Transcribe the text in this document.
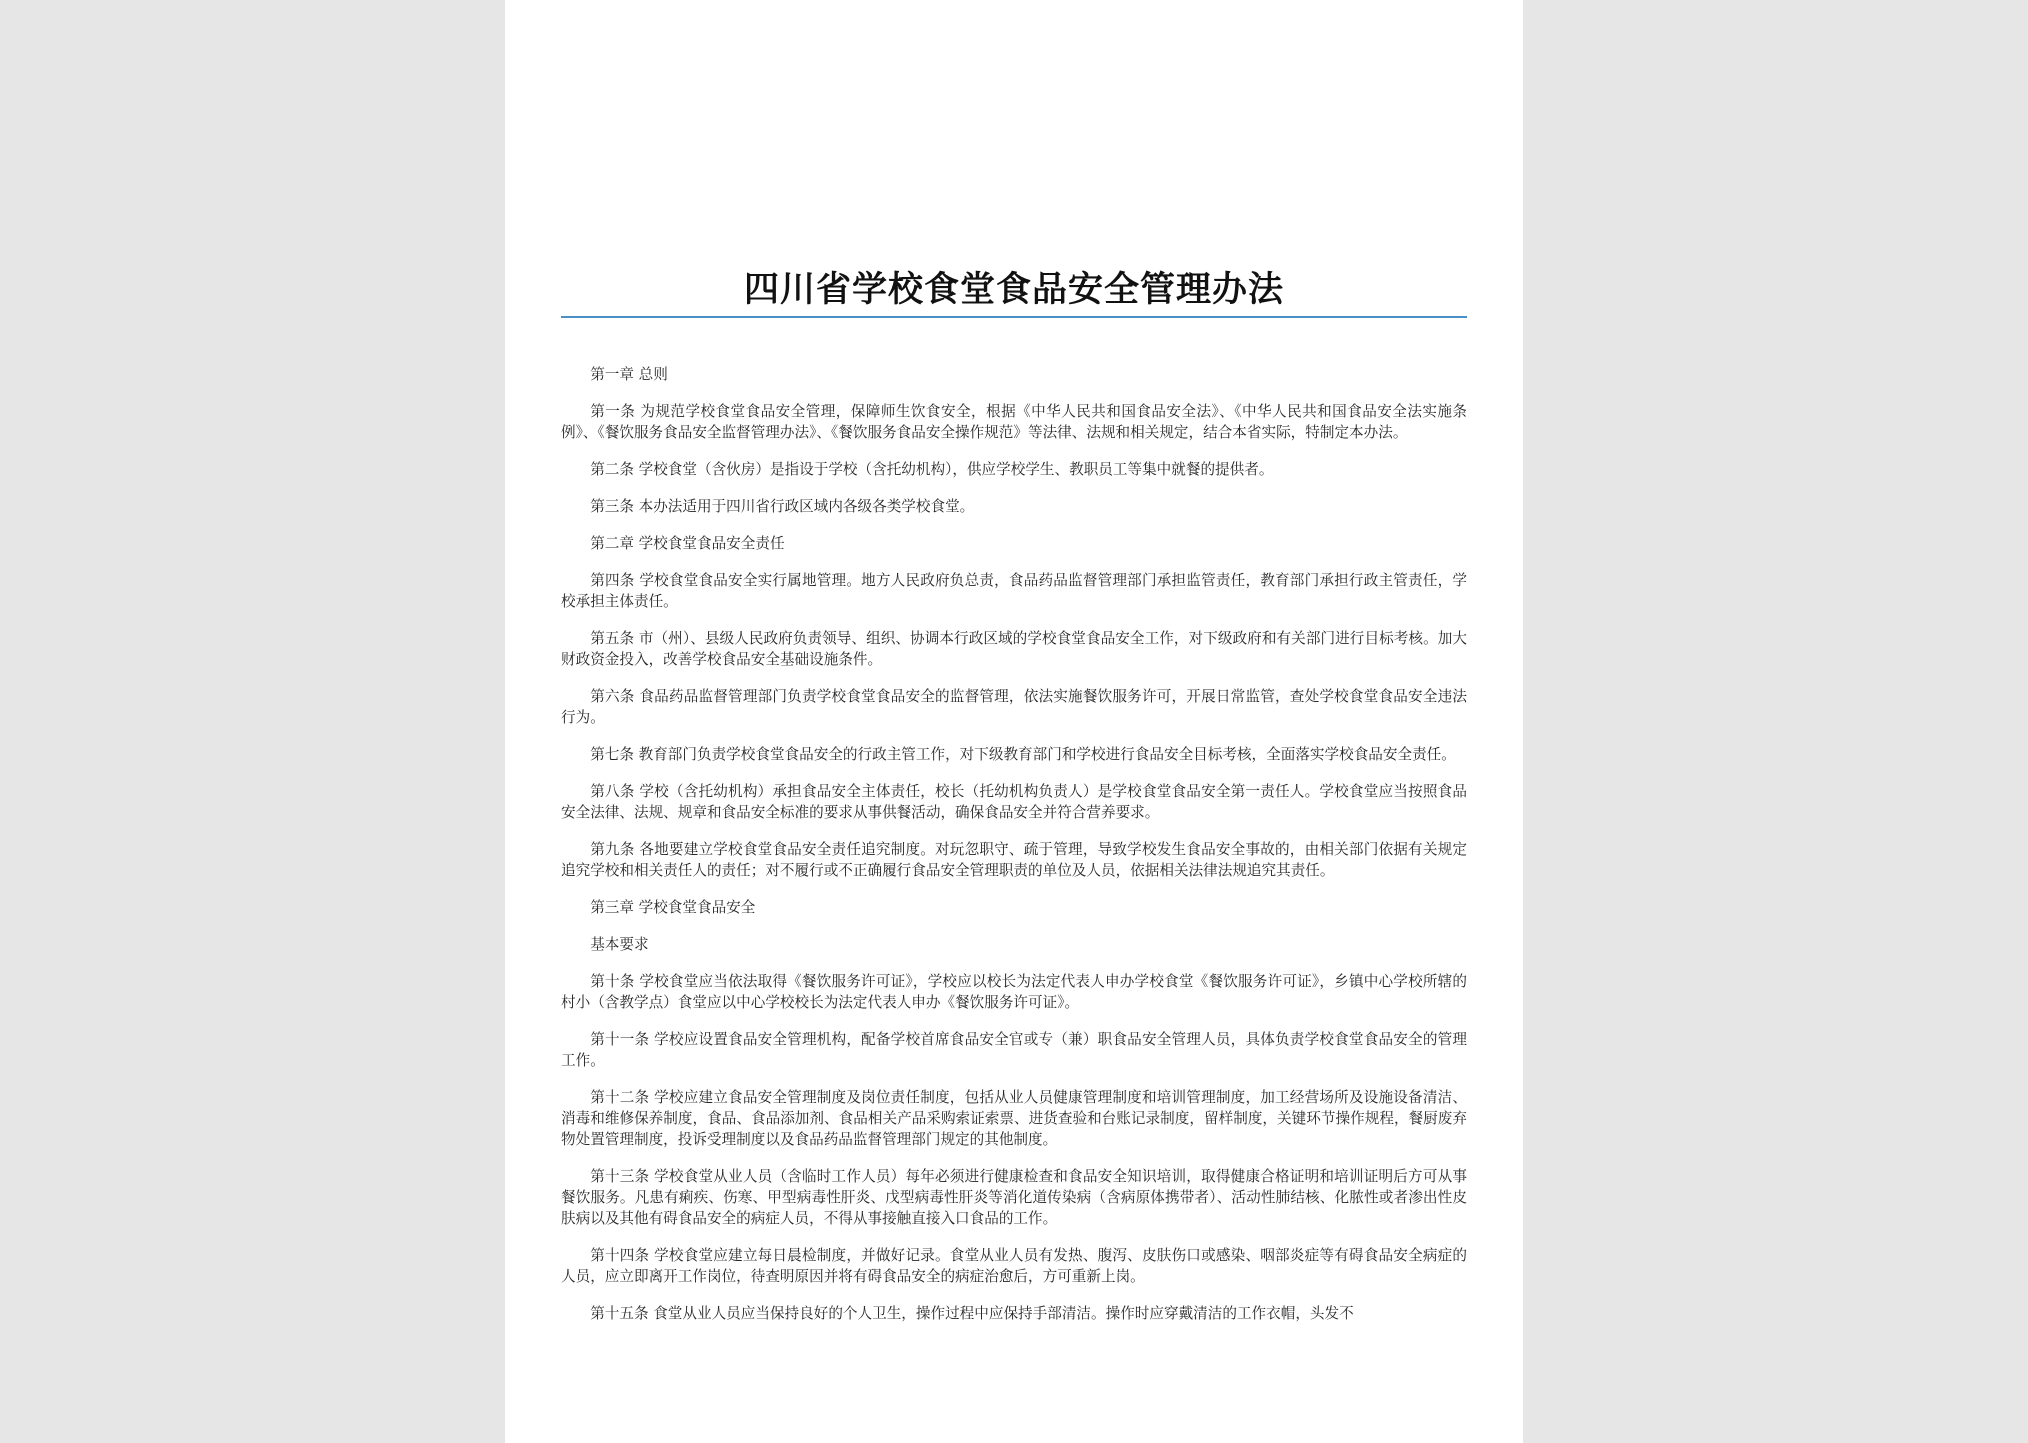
四川省学校食堂食品安全管理办法

第一章 总则

第一条 为规范学校食堂食品安全管理，保障师生饮食安全，根据《中华人民共和国食品安全法》、《中华人民共和国食品安全法实施条例》、《餐饮服务食品安全监督管理办法》、《餐饮服务食品安全操作规范》等法律、法规和相关规定，结合本省实际，特制定本办法。

第二条 学校食堂（含伙房）是指设于学校（含托幼机构），供应学校学生、教职员工等集中就餐的提供者。

第三条 本办法适用于四川省行政区域内各级各类学校食堂。

第二章 学校食堂食品安全责任

第四条 学校食堂食品安全实行属地管理。地方人民政府负总责，食品药品监督管理部门承担监管责任，教育部门承担行政主管责任，学校承担主体责任。

第五条 市（州）、县级人民政府负责领导、组织、协调本行政区域的学校食堂食品安全工作，对下级政府和有关部门进行目标考核。加大财政资金投入，改善学校食品安全基础设施条件。

第六条 食品药品监督管理部门负责学校食堂食品安全的监督管理，依法实施餐饮服务许可，开展日常监管，查处学校食堂食品安全违法行为。

第七条 教育部门负责学校食堂食品安全的行政主管工作，对下级教育部门和学校进行食品安全目标考核，全面落实学校食品安全责任。

第八条 学校（含托幼机构）承担食品安全主体责任，校长（托幼机构负责人）是学校食堂食品安全第一责任人。学校食堂应当按照食品安全法律、法规、规章和食品安全标准的要求从事供餐活动，确保食品安全并符合营养要求。

第九条 各地要建立学校食堂食品安全责任追究制度。对玩忽职守、疏于管理，导致学校发生食品安全事故的，由相关部门依据有关规定追究学校和相关责任人的责任；对不履行或不正确履行食品安全管理职责的单位及人员，依据相关法律法规追究其责任。

第三章 学校食堂食品安全

基本要求

第十条 学校食堂应当依法取得《餐饮服务许可证》，学校应以校长为法定代表人申办学校食堂《餐饮服务许可证》，乡镇中心学校所辖的村小（含教学点）食堂应以中心学校校长为法定代表人申办《餐饮服务许可证》。

第十一条 学校应设置食品安全管理机构，配备学校首席食品安全官或专（兼）职食品安全管理人员，具体负责学校食堂食品安全的管理工作。

第十二条 学校应建立食品安全管理制度及岗位责任制度，包括从业人员健康管理制度和培训管理制度，加工经营场所及设施设备清洁、消毒和维修保养制度，食品、食品添加剂、食品相关产品采购索证索票、进货查验和台账记录制度，留样制度，关键环节操作规程，餐厨废弃物处置管理制度，投诉受理制度以及食品药品监督管理部门规定的其他制度。

第十三条 学校食堂从业人员（含临时工作人员）每年必须进行健康检查和食品安全知识培训，取得健康合格证明和培训证明后方可从事餐饮服务。凡患有痢疾、伤寒、甲型病毒性肝炎、戊型病毒性肝炎等消化道传染病（含病原体携带者）、活动性肺结核、化脓性或者渗出性皮肤病以及其他有碍食品安全的病症人员，不得从事接触直接入口食品的工作。

第十四条 学校食堂应建立每日晨检制度，并做好记录。食堂从业人员有发热、腹泻、皮肤伤口或感染、咽部炎症等有碍食品安全病症的人员，应立即离开工作岗位，待查明原因并将有碍食品安全的病症治愈后，方可重新上岗。

第十五条 食堂从业人员应当保持良好的个人卫生，操作过程中应保持手部清洁。操作时应穿戴清洁的工作衣帽，头发不
